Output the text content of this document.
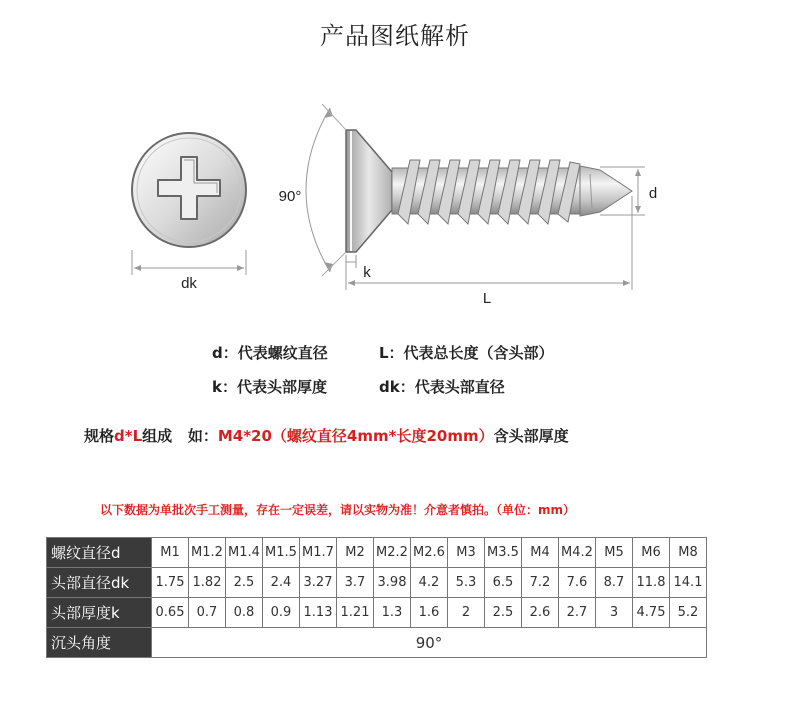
产品图纸解析
dk
90°
k
L
d
d：代表螺纹直径	L：代表总长度（含头部）
k：代表头部厚度	dk：代表头部直径
规格d*L组成   如：M4*20（螺纹直径4mm*长度20mm）含头部厚度
以下数据为单批次手工测量，存在一定误差，请以实物为准！介意者慎拍。（单位：mm）
螺纹直径d	M1	M1.2	M1.4	M1.5	M1.7	M2	M2.2	M2.6	M3	M3.5	M4	M4.2	M5	M6	M8
头部直径dk	1.75	1.82	2.5	2.4	3.27	3.7	3.98	4.2	5.3	6.5	7.2	7.6	8.7	11.8	14.1
头部厚度k	0.65	0.7	0.8	0.9	1.13	1.21	1.3	1.6	2	2.5	2.6	2.7	3	4.75	5.2
沉头角度	90°														
